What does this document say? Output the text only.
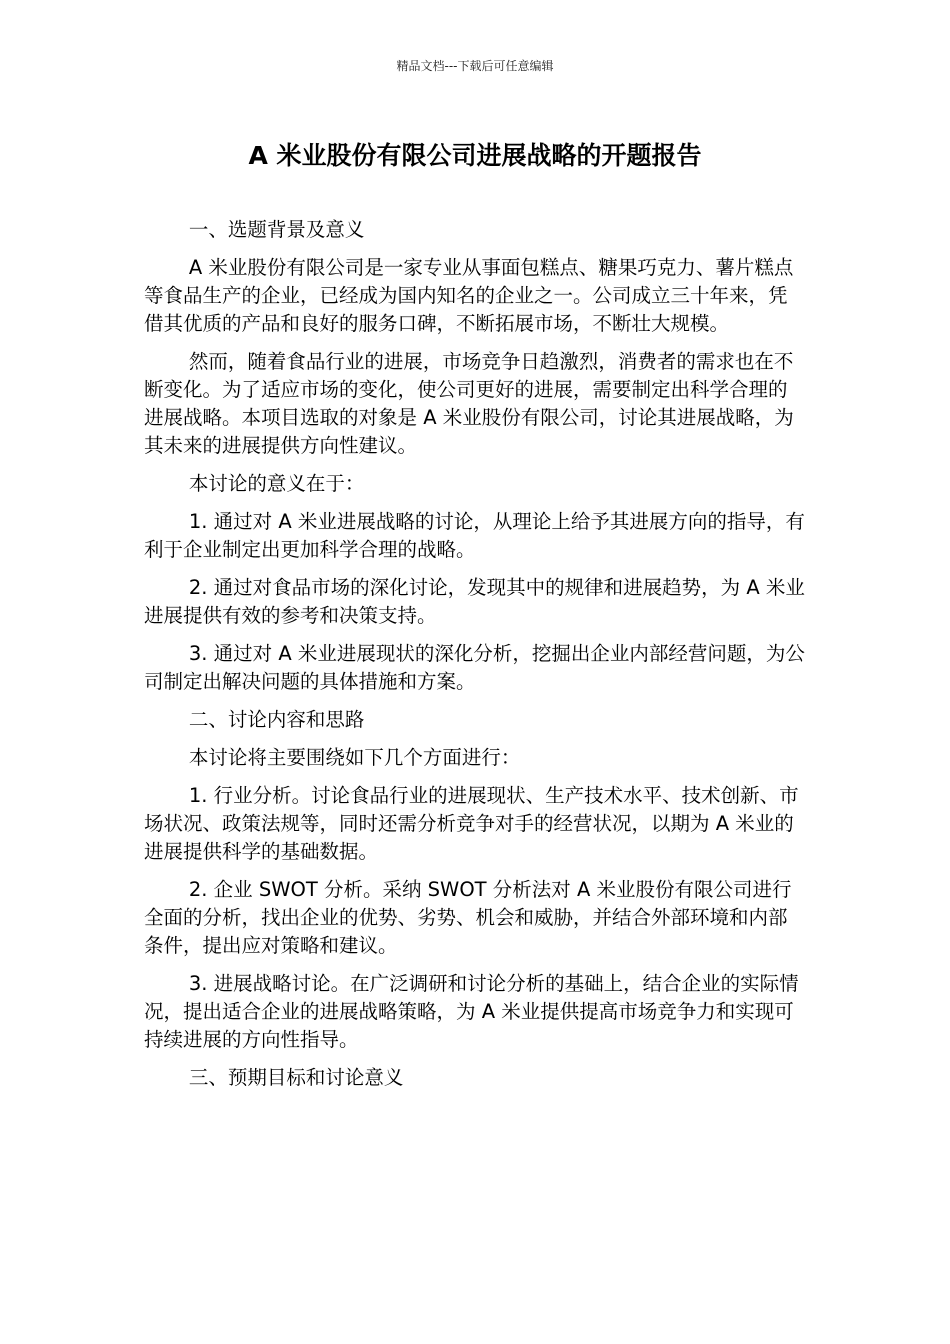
精品文档---下载后可任意编辑
A 米业股份有限公司进展战略的开题报告

一、选题背景及意义

A 米业股份有限公司是一家专业从事面包糕点、糖果巧克力、薯片糕点等食品生产的企业，已经成为国内知名的企业之一。公司成立三十年来，凭借其优质的产品和良好的服务口碑，不断拓展市场，不断壮大规模。

然而，随着食品行业的进展，市场竞争日趋激烈，消费者的需求也在不断变化。为了适应市场的变化，使公司更好的进展，需要制定出科学合理的进展战略。本项目选取的对象是 A 米业股份有限公司，讨论其进展战略，为其未来的进展提供方向性建议。

本讨论的意义在于：

1. 通过对 A 米业进展战略的讨论，从理论上给予其进展方向的指导，有利于企业制定出更加科学合理的战略。

2. 通过对食品市场的深化讨论，发现其中的规律和进展趋势，为 A 米业进展提供有效的参考和决策支持。

3. 通过对 A 米业进展现状的深化分析，挖掘出企业内部经营问题，为公司制定出解决问题的具体措施和方案。

二、讨论内容和思路

本讨论将主要围绕如下几个方面进行：

1. 行业分析。讨论食品行业的进展现状、生产技术水平、技术创新、市场状况、政策法规等，同时还需分析竞争对手的经营状况，以期为 A 米业的进展提供科学的基础数据。

2. 企业 SWOT 分析。采纳 SWOT 分析法对 A 米业股份有限公司进行全面的分析，找出企业的优势、劣势、机会和威胁，并结合外部环境和内部条件，提出应对策略和建议。

3. 进展战略讨论。在广泛调研和讨论分析的基础上，结合企业的实际情况，提出适合企业的进展战略策略，为 A 米业提供提高市场竞争力和实现可持续进展的方向性指导。

三、预期目标和讨论意义
